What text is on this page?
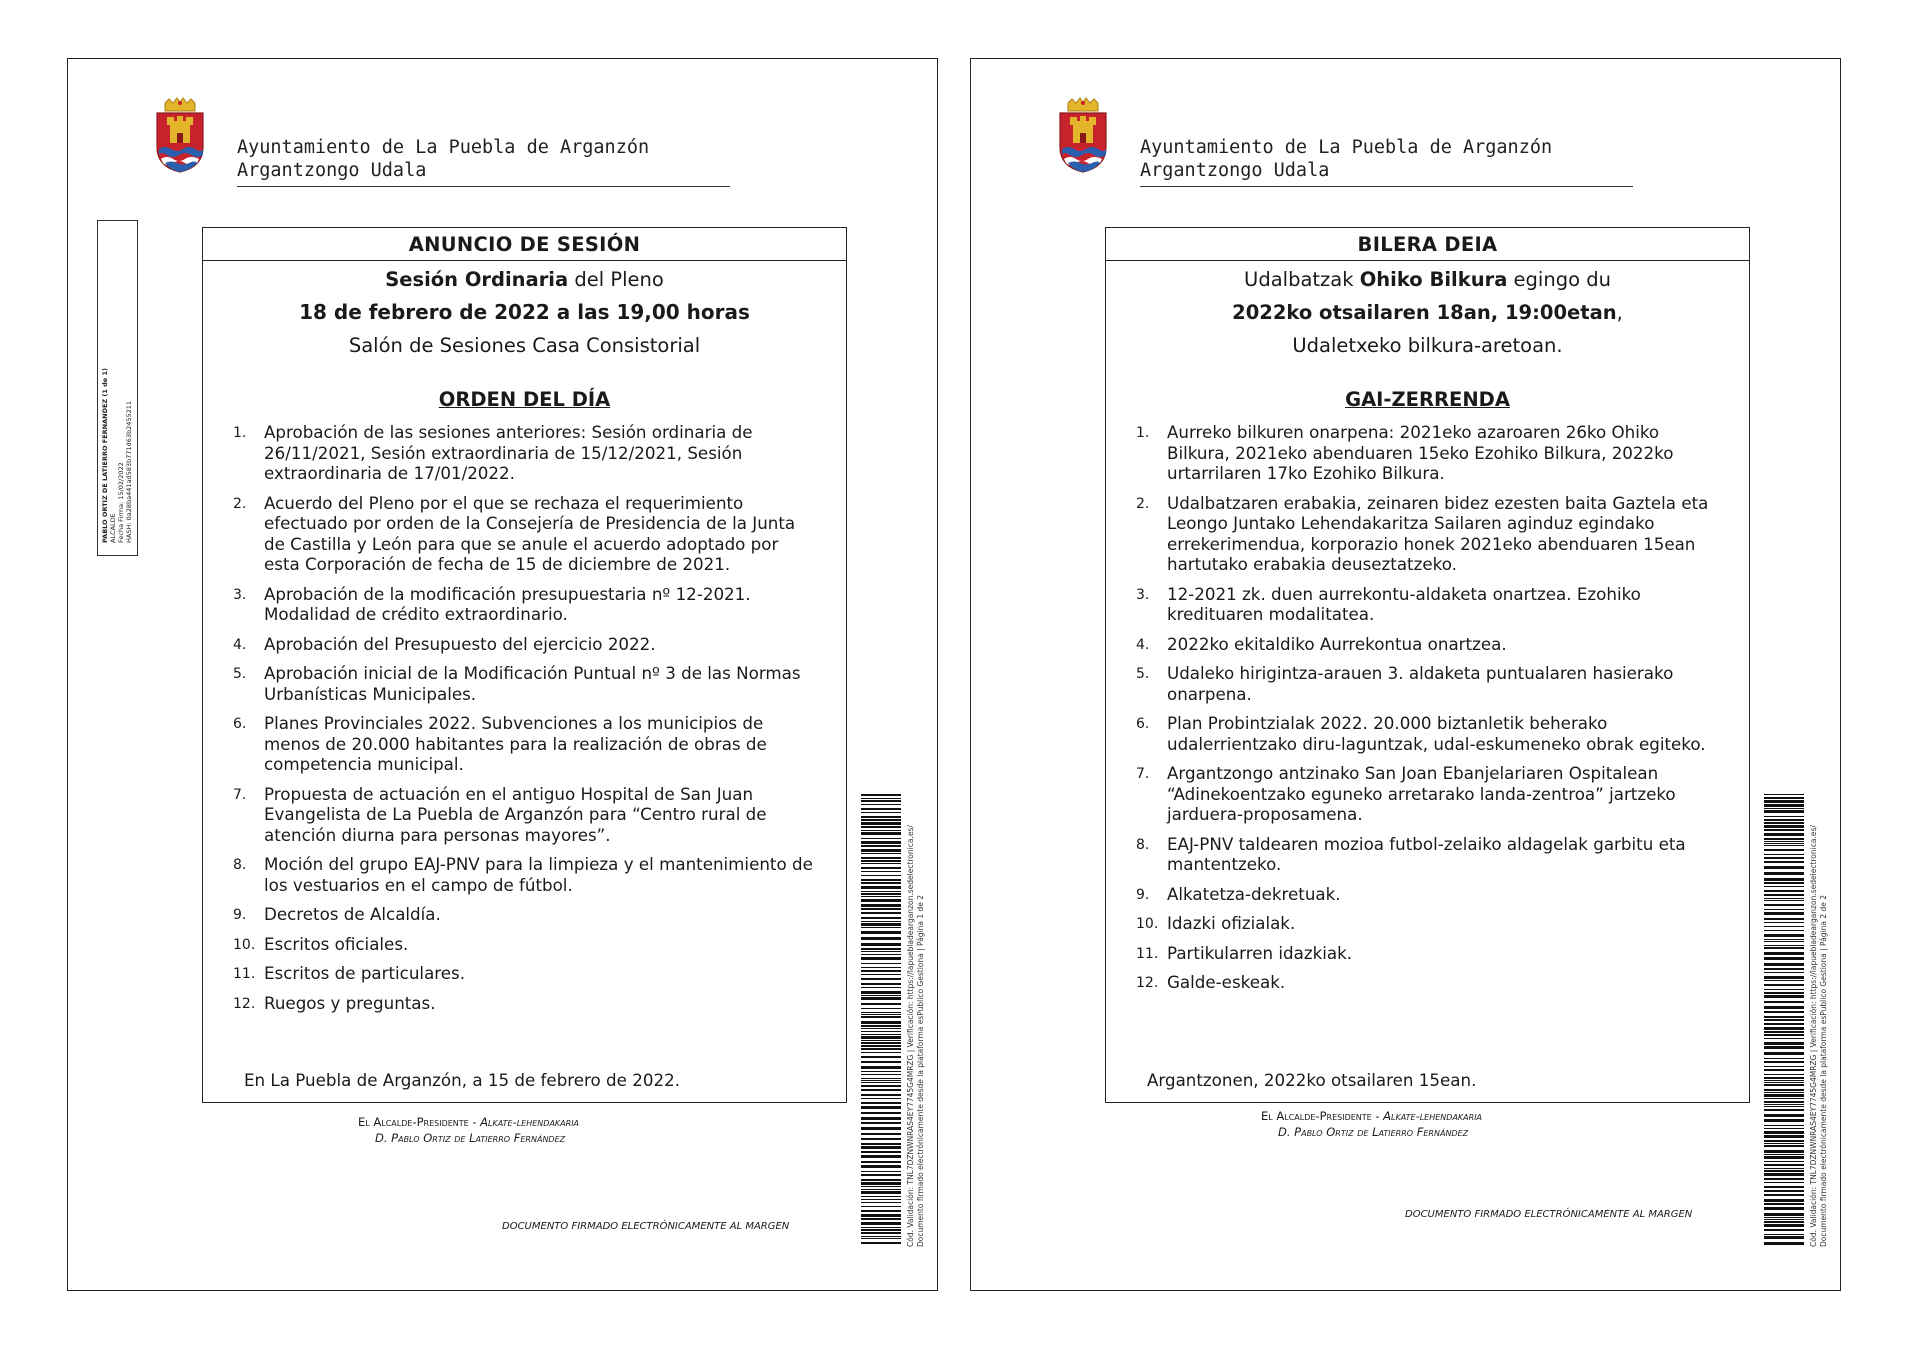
Ayuntamiento de La Puebla de Arganzón
Argantzongo Udala
PABLO ORTIZ DE LATIERRO FERNANDEZ (1 de 1) ALCALDE Fecha Firma: 15/02/2022 HASH: 0a28ba441ad583b771d63b2455211
ANUNCIO DE SESIÓN
Sesión Ordinaria del Pleno
18 de febrero de 2022 a las 19,00 horas
Salón de Sesiones Casa Consistorial
ORDEN DEL DÍA
1.	Aprobación de las sesiones anteriores: Sesión ordinaria de 26/11/2021, Sesión extraordinaria de 15/12/2021, Sesión extraordinaria de 17/01/2022.
2.	Acuerdo del Pleno por el que se rechaza el requerimiento efectuado por orden de la Consejería de Presidencia de la Junta de Castilla y León para que se anule el acuerdo adoptado por esta Corporación de fecha de 15 de diciembre de 2021.
3.	Aprobación de la modificación presupuestaria nº 12-2021. Modalidad de crédito extraordinario.
4.	Aprobación del Presupuesto del ejercicio 2022.
5.	Aprobación inicial de la Modificación Puntual nº 3 de las Normas Urbanísticas Municipales.
6.	Planes Provinciales 2022. Subvenciones a los municipios de menos de 20.000 habitantes para la realización de obras de competencia municipal.
7.	Propuesta de actuación en el antiguo Hospital de San Juan Evangelista de La Puebla de Arganzón para “Centro rural de atención diurna para personas mayores”.
8.	Moción del grupo EAJ-PNV para la limpieza y el mantenimiento de los vestuarios en el campo de fútbol.
9.	Decretos de Alcaldía.
10. Escritos oficiales.
11. Escritos de particulares.
12. Ruegos y preguntas.
En La Puebla de Arganzón, a 15 de febrero de 2022.
El Alcalde-Presidente - Alkate-lehendakaria
D. Pablo Ortiz de Latierro Fernández
DOCUMENTO FIRMADO ELECTRÓNICAMENTE AL MARGEN	Cód. Validación: TNL7DZNWNRAS4EY7745G4MRZG | Verificación: https://lapuebladearganzon.sedelectronica.es/ Documento firmado electrónicamente desde la plataforma esPublico Gestiona | Página 1 de 2
Ayuntamiento de La Puebla de Arganzón
Argantzongo Udala
BILERA DEIA
Udalbatzak Ohiko Bilkura egingo du
2022ko otsailaren 18an, 19:00etan,
Udaletxeko bilkura-aretoan.
GAI-ZERRENDA
1.	Aurreko bilkuren onarpena: 2021eko azaroaren 26ko Ohiko Bilkura, 2021eko abenduaren 15eko Ezohiko Bilkura, 2022ko urtarrilaren 17ko Ezohiko Bilkura.
2.	Udalbatzaren erabakia, zeinaren bidez ezesten baita Gaztela eta Leongo Juntako Lehendakaritza Sailaren aginduz egindako errekerimendua, korporazio honek 2021eko abenduaren 15ean hartutako erabakia deuseztatzeko.
3.	12-2021 zk. duen aurrekontu-aldaketa onartzea. Ezohiko kredituaren modalitatea.
4.	2022ko ekitaldiko Aurrekontua onartzea.
5.	Udaleko hirigintza-arauen 3. aldaketa puntualaren hasierako onarpena.
6.	Plan Probintzialak 2022. 20.000 biztanletik beherako udalerrientzako diru-laguntzak, udal-eskumeneko obrak egiteko.
7.	Argantzongo antzinako San Joan Ebanjelariaren Ospitalean “Adinekoentzako eguneko arretarako landa-zentroa” jartzeko jarduera-proposamena.
8.	EAJ-PNV taldearen mozioa futbol-zelaiko aldagelak garbitu eta mantentzeko.
9.	Alkatetza-dekretuak.
10. Idazki ofizialak.
11. Partikularren idazkiak.
12. Galde-eskeak.
Argantzonen, 2022ko otsailaren 15ean.
El Alcalde-Presidente - Alkate-lehendakaria
D. Pablo Ortiz de Latierro Fernández
DOCUMENTO FIRMADO ELECTRÓNICAMENTE AL MARGEN	Cód. Validación: TNL7DZNWNRAS4EY7745G4MRZG | Verificación: https://lapuebladearganzon.sedelectronica.es/ Documento firmado electrónicamente desde la plataforma esPublico Gestiona | Página 2 de 2
